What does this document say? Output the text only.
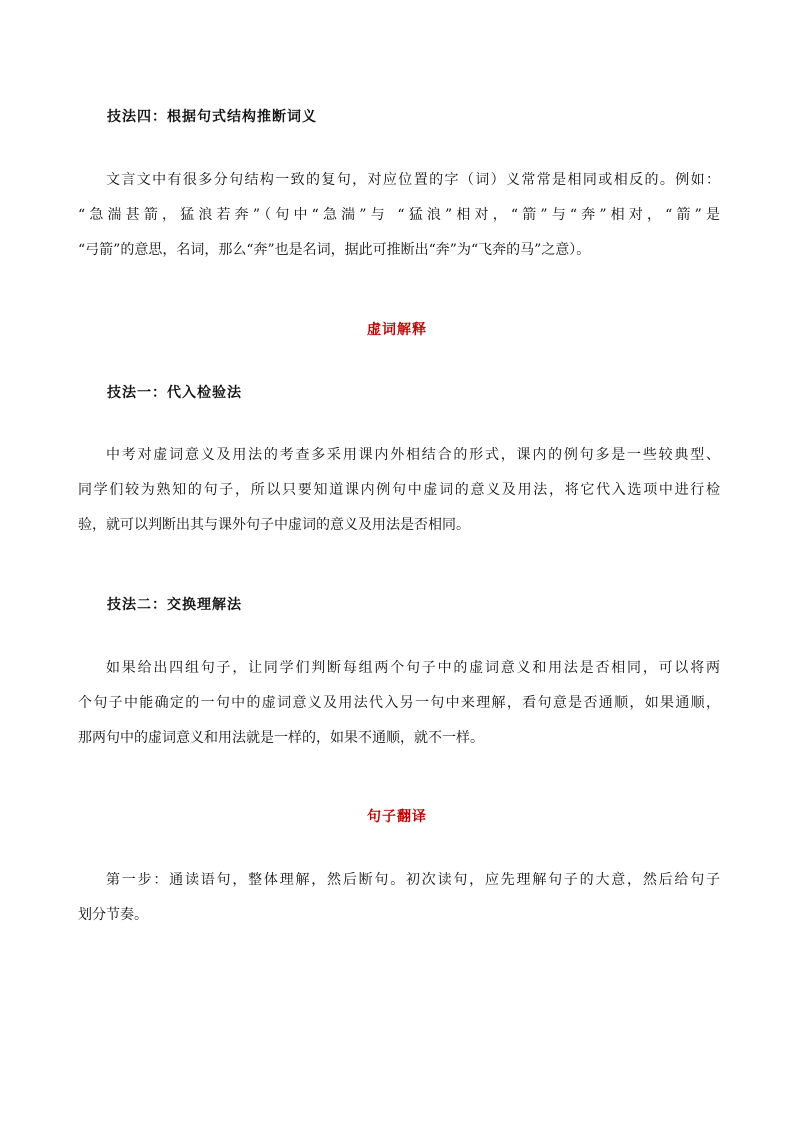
技法四：根据句式结构推断词义
文言文中有很多分句结构一致的复句，对应位置的字（词）义常常是相同或相反的。例如：
“急湍甚箭，猛浪若奔”（句中“急湍”与 “猛浪”相对，“箭”与“奔”相对，“箭”是
“弓箭”的意思，名词，那么“奔”也是名词，据此可推断出“奔”为“飞奔的马”之意）。
虚词解释
技法一：代入检验法
中考对虚词意义及用法的考查多采用课内外相结合的形式，课内的例句多是一些较典型、
同学们较为熟知的句子，所以只要知道课内例句中虚词的意义及用法，将它代入选项中进行检
验，就可以判断出其与课外句子中虚词的意义及用法是否相同。
技法二：交换理解法
如果给出四组句子，让同学们判断每组两个句子中的虚词意义和用法是否相同，可以将两
个句子中能确定的一句中的虚词意义及用法代入另一句中来理解，看句意是否通顺，如果通顺，
那两句中的虚词意义和用法就是一样的，如果不通顺，就不一样。
句子翻译
第一步：通读语句，整体理解，然后断句。初次读句，应先理解句子的大意，然后给句子
划分节奏。
